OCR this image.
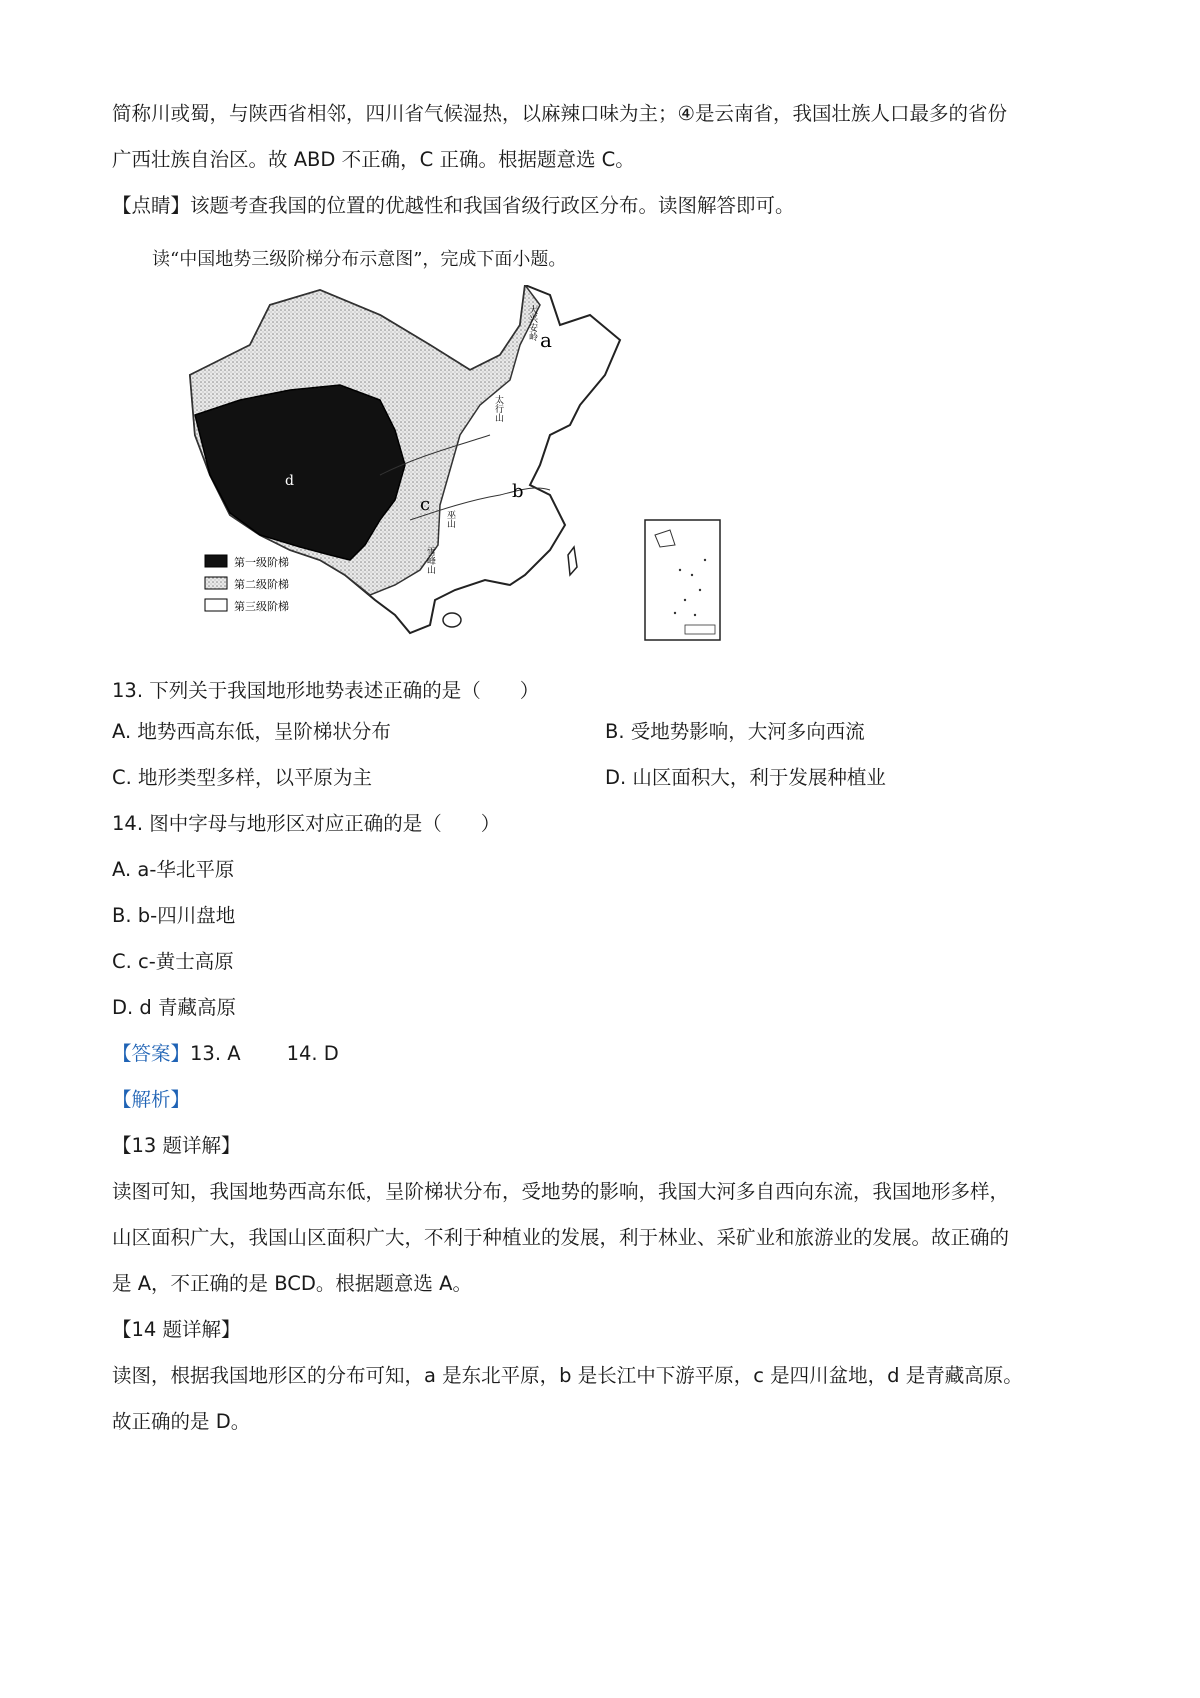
简称川或蜀，与陕西省相邻，四川省气候湿热，以麻辣口味为主；④是云南省，我国壮族人口最多的省份
广西壮族自治区。故 ABD 不正确，C 正确。根据题意选 C。
【点睛】该题考查我国的位置的优越性和我国省级行政区分布。读图解答即可。
读“中国地势三级阶梯分布示意图”，完成下面小题。
a
b
c
d
大兴安岭
太行山
巫山
雪峰山
第一级阶梯
第二级阶梯
第三级阶梯
13. 下列关于我国地形地势表述正确的是（　　）
A. 地势西高东低，呈阶梯状分布	B. 受地势影响，大河多向西流
C. 地形类型多样，以平原为主	D. 山区面积大，利于发展种植业
14. 图中字母与地形区对应正确的是（　　）
A. a-华北平原
B. b-四川盘地
C. c-黄士高原
D. d 青藏高原
【答案】13. A 14. D
【解析】
【13 题详解】
读图可知，我国地势西高东低，呈阶梯状分布，受地势的影响，我国大河多自西向东流，我国地形多样，
山区面积广大，我国山区面积广大，不利于种植业的发展，利于林业、采矿业和旅游业的发展。故正确的
是 A，不正确的是 BCD。根据题意选 A。
【14 题详解】
读图，根据我国地形区的分布可知，a 是东北平原，b 是长江中下游平原，c 是四川盆地，d 是青藏高原。
故正确的是 D。
